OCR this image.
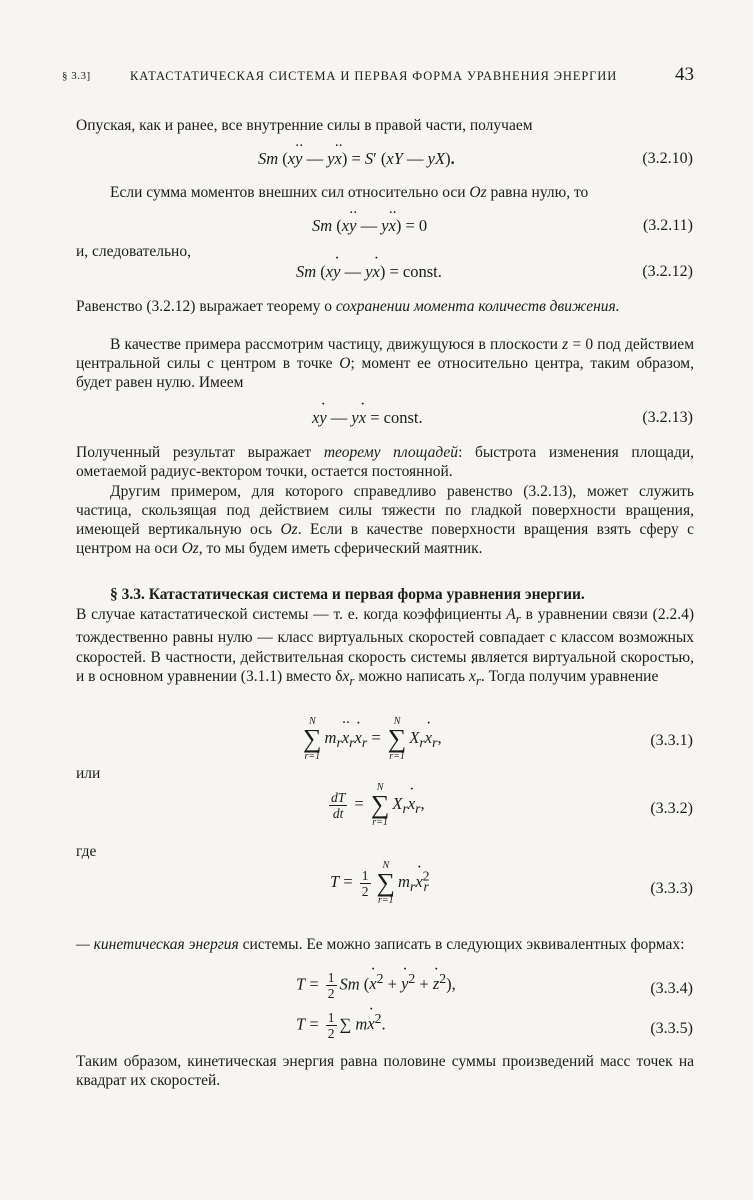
§ 3.3]	КАТАСТАТИЧЕСКАЯ СИСТЕМА И ПЕРВАЯ ФОРМА УРАВНЕНИЯ ЭНЕРГИИ	43

Опуская, как и ранее, все внутренние силы в правой части, получаем

Sm (xy ·· — yx ··) = S′ (xY — yX).	(3.2.10)

Если сумма моментов внешних сил относительно оси Oz равна нулю, то

Sm (xy ·· — yx ··) = 0	(3.2.11)

и, следовательно,

Sm (xy · — yx ·) = const.	(3.2.12)

Равенство (3.2.12) выражает теорему о сохранении момента количеств движения.

В качестве примера рассмотрим частицу, движущуюся в плоскости z = 0 под действием центральной силы с центром в точке O; момент ее относительно центра, таким образом, будет равен нулю. Имеем

xy · — yx · = const.	(3.2.13)

Полученный результат выражает теорему площадей: быстрота изменения площади, ометаемой радиус-вектором точки, остается постоянной.

Другим примером, для которого справедливо равенство (3.2.13), может служить частица, скользящая под действием силы тяжести по гладкой поверхности вращения, имеющей вертикальную ось Oz. Если в качестве поверхности вращения взять сферу с центром на оси Oz, то мы будем иметь сферический маятник.

§ 3.3. Катастатическая система и первая форма уравнения энергии.

В случае катастатической системы — т. е. когда коэффициенты $A_r$ в уравнении связи (2.2.4) тождественно равны нулю — класс виртуальных скоростей совпадает с классом возможных скоростей. В частности, действительная скорость системы является виртуальной скоростью, и в основном уравнении (3.1.1) вместо $\delta x_r$ можно написать $x \cdot_r$. Тогда получим уравнение

N
∑
r=1
$m_rx \cdot\cdot_rx \cdot_r$ =
N
∑
r=1
$X_rx \cdot_r$,	(3.3.1)

или

$\frac{dT}{dt}$ =
N
∑
r=1
$X_rx \cdot_r$,	(3.3.2)

где

$T = \frac{1}{2}$
N
∑
r=1
$m_rx \cdot^2_r$	(3.3.3)

— кинетическая энергия системы. Ее можно записать в следующих эквивалентных формах:

$T = \frac{1}{2}$ Sm (x ·$^2$ + y ·$^2$ + z ·$^2$),	(3.3.4)
$T = \frac{1}{2}$ ∑ mx ·$^2$.	(3.3.5)

Таким образом, кинетическая энергия равна половине суммы произведений масс точек на квадрат их скоростей.
